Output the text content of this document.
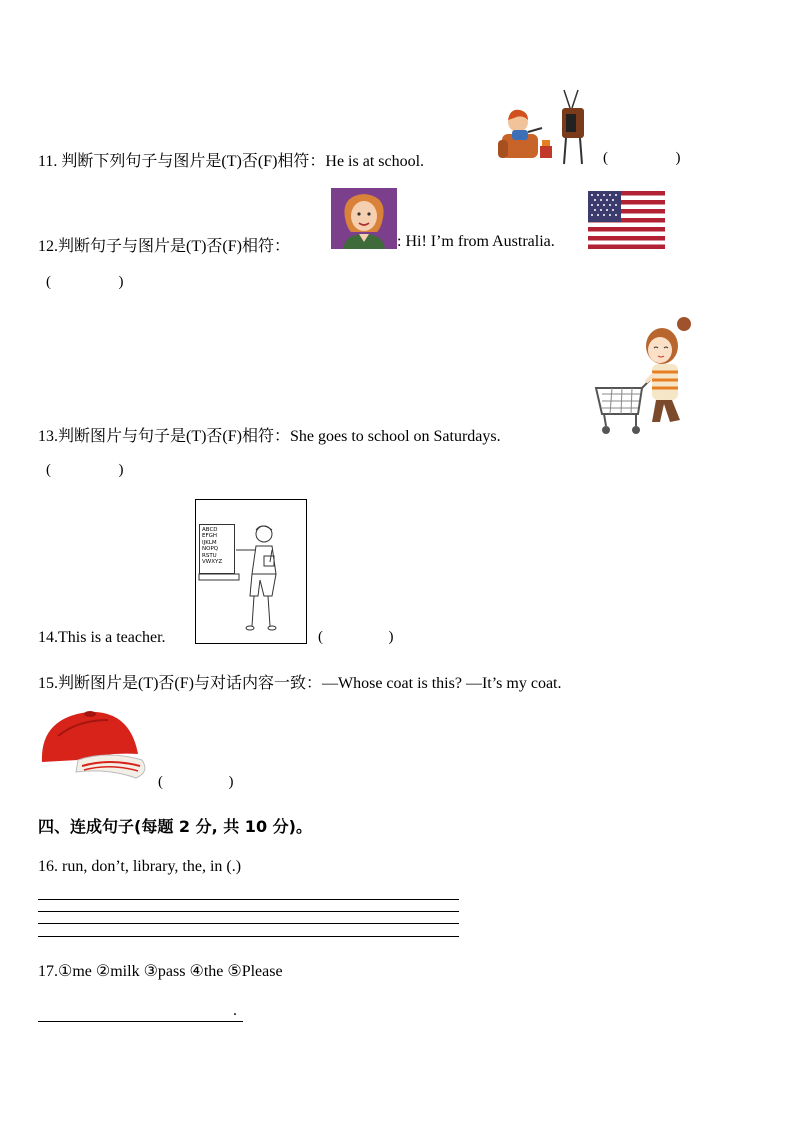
11. 判断下列句子与图片是(T)否(F)相符：He is at school.	(	)
12.判断句子与图片是(T)否(F)相符：	: Hi! I’m from Australia.
(	)
13.判断图片与句子是(T)否(F)相符：She goes to school on Saturdays.
(	)
ABCD
EFGH
IJKLM
NOPQ
RSTU
VWXYZ
14.This is a teacher.	(	)
15.判断图片是(T)否(F)与对话内容一致：—Whose coat is this? —It’s my coat.
(	)
四、连成句子(每题 2 分, 共 10 分)。
16. run, don’t, library, the, in (.)
17.①me ②milk ③pass ④the ⑤Please
.
